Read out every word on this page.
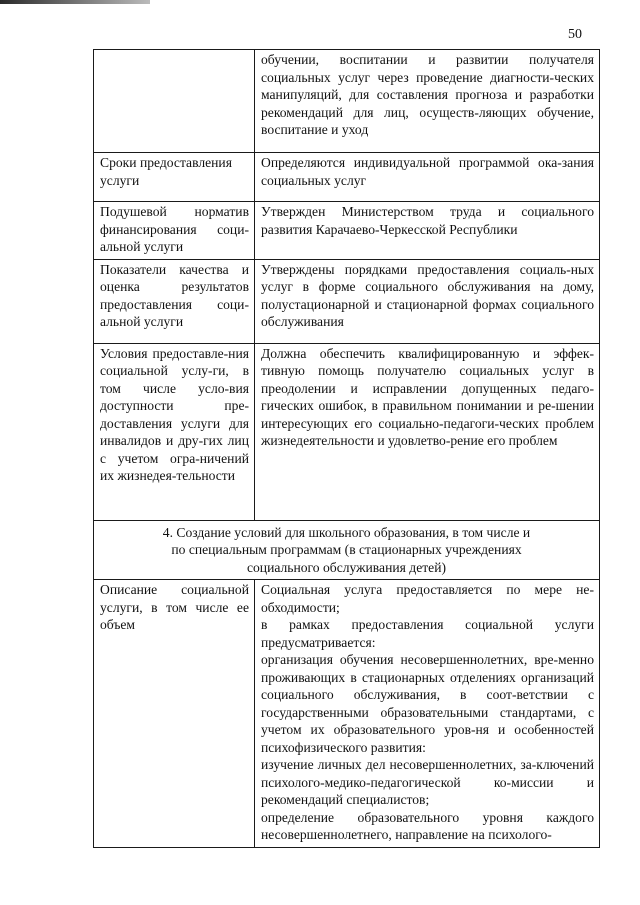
50
	обучении, воспитании и развитии получателя социальных услуг через проведение диагности-ческих манипуляций, для составления прогноза и разработки рекомендаций для лиц, осуществ-ляющих обучение, воспитание и уход
Сроки предоставления услуги	Определяются индивидуальной программой ока-зания социальных услуг
Подушевой норматив финансирования соци-альной услуги	Утвержден Министерством труда и социального развития Карачаево-Черкесской Республики
Показатели качества и оценка результатов предоставления соци-альной услуги	Утверждены порядками предоставления социаль-ных услуг в форме социального обслуживания на дому, полустационарной и стационарной формах социального обслуживания
Условия предоставле-ния социальной услу-ги, в том числе усло-вия доступности пре-доставления услуги для инвалидов и дру-гих лиц с учетом огра-ничений их жизнедея-тельности	Должна обеспечить квалифицированную и эффек-тивную помощь получателю социальных услуг в преодолении и исправлении допущенных педаго-гических ошибок, в правильном понимании и ре-шении интересующих его социально-педагоги-ческих проблем жизнедеятельности и удовлетво-рение его проблем

4. Создание условий для школьного образования, в том числе и
по специальным программам (в стационарных учреждениях
социального обслуживания детей)	

Описание социальной услуги, в том числе ее объем	Социальная услуга предоставляется по мере не-обходимости;
в рамках предоставления социальной услуги предусматривается:
организация обучения несовершеннолетних, вре-менно проживающих в стационарных отделениях организаций социального обслуживания, в соот-ветствии с государственными образовательными стандартами, с учетом их образовательного уров-ня и особенностей психофизического развития:
изучение личных дел несовершеннолетних, за-ключений психолого-медико-педагогической ко-миссии и рекомендаций специалистов;
определение образовательного уровня каждого несовершеннолетнего, направление на психолого-
